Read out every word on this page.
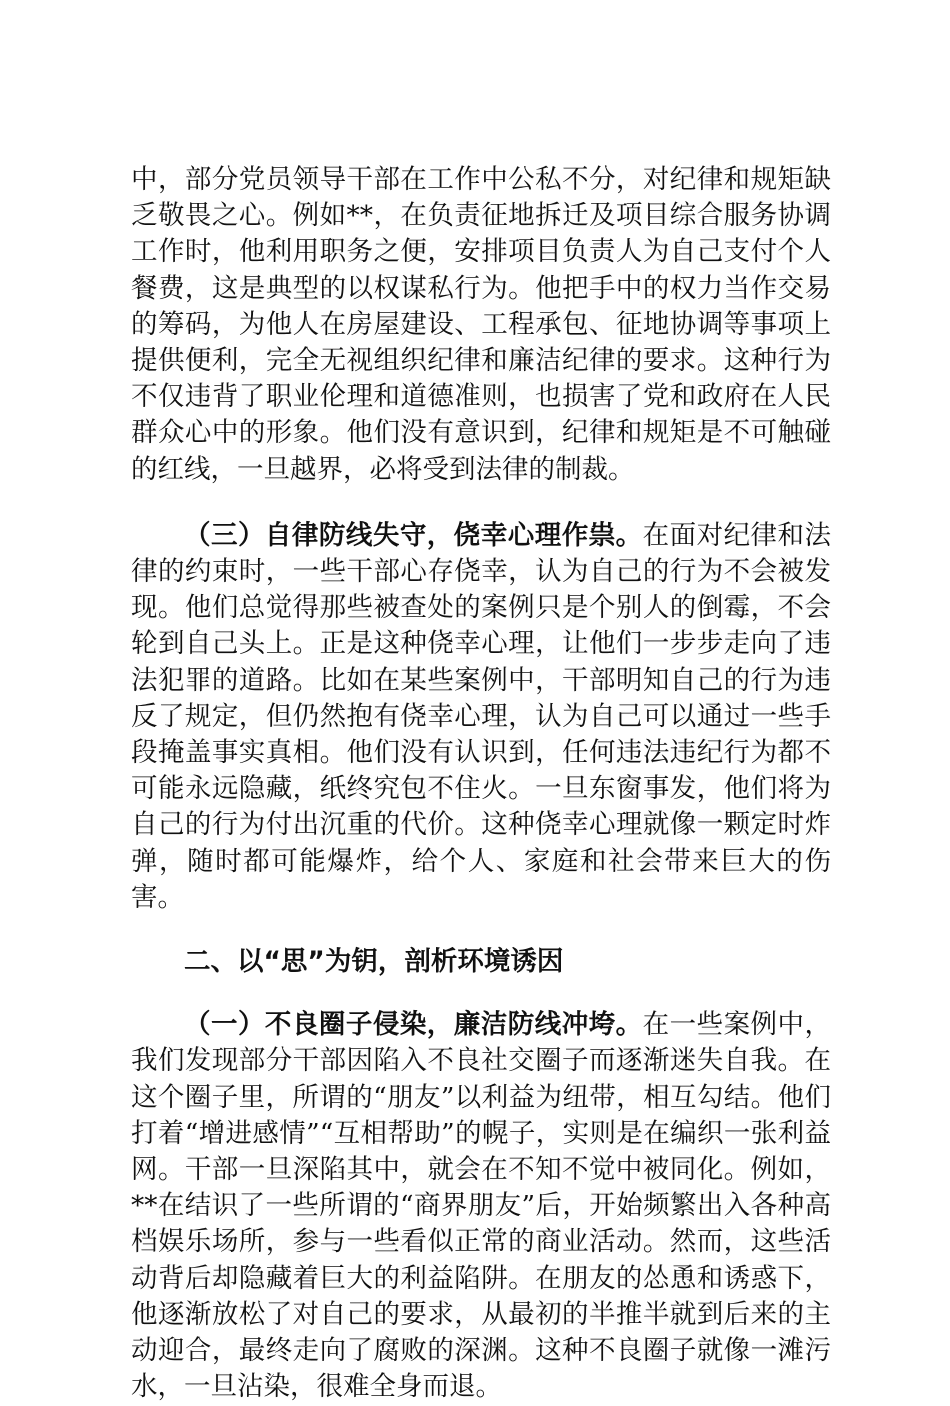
中，部分党员领导干部在工作中公私不分，对纪律和规矩缺乏敬畏之心。例如**，在负责征地拆迁及项目综合服务协调工作时，他利用职务之便，安排项目负责人为自己支付个人餐费，这是典型的以权谋私行为。他把手中的权力当作交易的筹码，为他人在房屋建设、工程承包、征地协调等事项上提供便利，完全无视组织纪律和廉洁纪律的要求。这种行为不仅违背了职业伦理和道德准则，也损害了党和政府在人民群众心中的形象。他们没有意识到，纪律和规矩是不可触碰的红线，一旦越界，必将受到法律的制裁。

（三）自律防线失守，侥幸心理作祟。在面对纪律和法律的约束时，一些干部心存侥幸，认为自己的行为不会被发现。他们总觉得那些被查处的案例只是个别人的倒霉，不会轮到自己头上。正是这种侥幸心理，让他们一步步走向了违法犯罪的道路。比如在某些案例中，干部明知自己的行为违反了规定，但仍然抱有侥幸心理，认为自己可以通过一些手段掩盖事实真相。他们没有认识到，任何违法违纪行为都不可能永远隐藏，纸终究包不住火。一旦东窗事发，他们将为自己的行为付出沉重的代价。这种侥幸心理就像一颗定时炸弹，随时都可能爆炸，给个人、家庭和社会带来巨大的伤害。

二、以“思”为钥，剖析环境诱因

（一）不良圈子侵染，廉洁防线冲垮。在一些案例中，我们发现部分干部因陷入不良社交圈子而逐渐迷失自我。在这个圈子里，所谓的“朋友”以利益为纽带，相互勾结。他们打着“增进感情”“互相帮助”的幌子，实则是在编织一张利益网。干部一旦深陷其中，就会在不知不觉中被同化。例如，**在结识了一些所谓的“商界朋友”后，开始频繁出入各种高档娱乐场所，参与一些看似正常的商业活动。然而，这些活动背后却隐藏着巨大的利益陷阱。在朋友的怂恿和诱惑下，他逐渐放松了对自己的要求，从最初的半推半就到后来的主动迎合，最终走向了腐败的深渊。这种不良圈子就像一滩污水，一旦沾染，很难全身而退。
